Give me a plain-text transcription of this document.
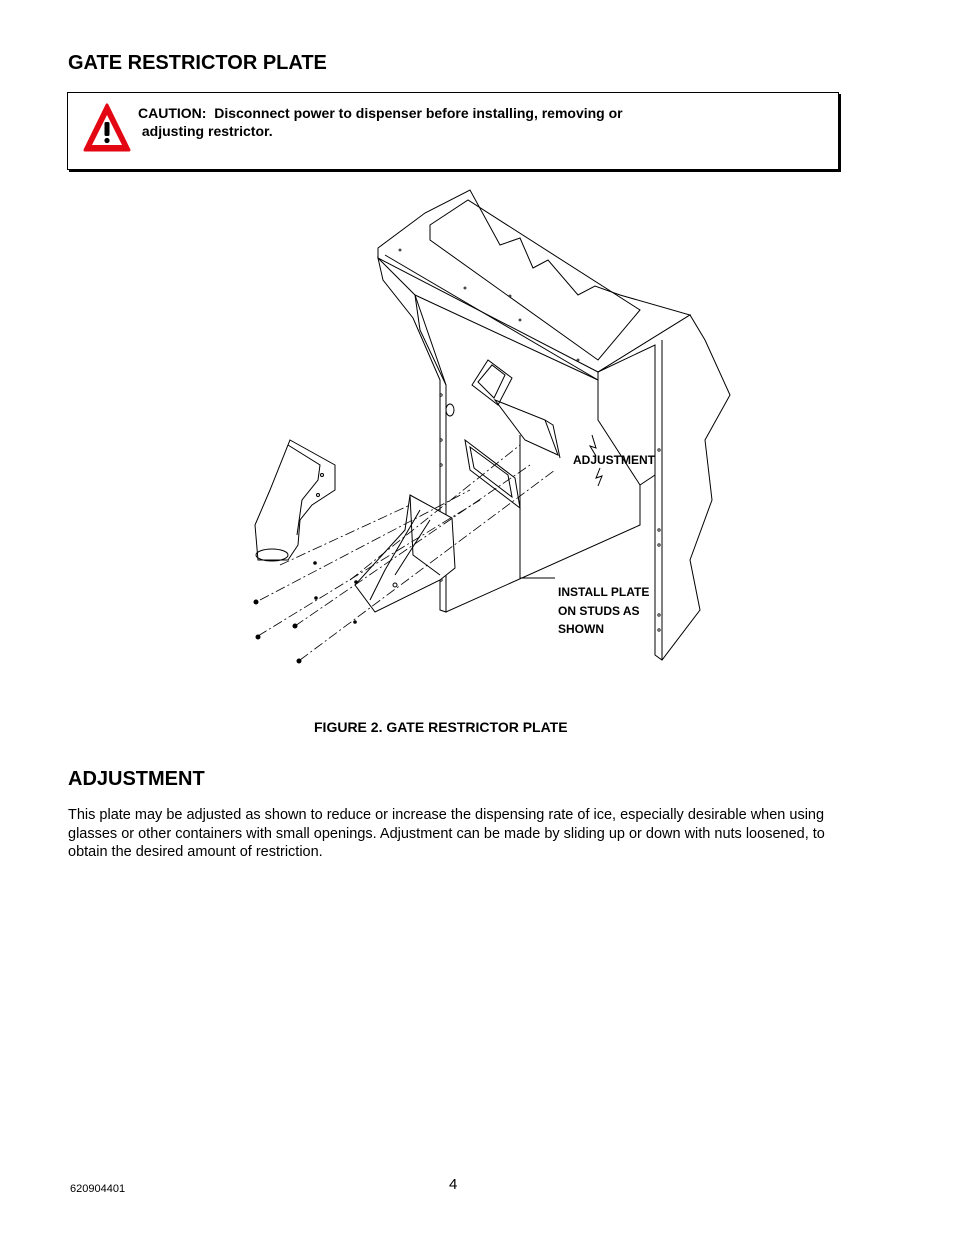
GATE RESTRICTOR PLATE
CAUTION:  Disconnect power to dispenser before installing, removing or
adjusting restrictor.
ADJUSTMENT
INSTALL PLATE
ON STUDS AS
SHOWN
FIGURE 2. GATE RESTRICTOR PLATE
ADJUSTMENT

This plate may be adjusted as shown to reduce or increase the dispensing rate of ice, especially desirable when using glasses or other containers with small openings. Adjustment can be made by sliding up or down with nuts loosened, to obtain the desired amount of restriction.

620904401	4
